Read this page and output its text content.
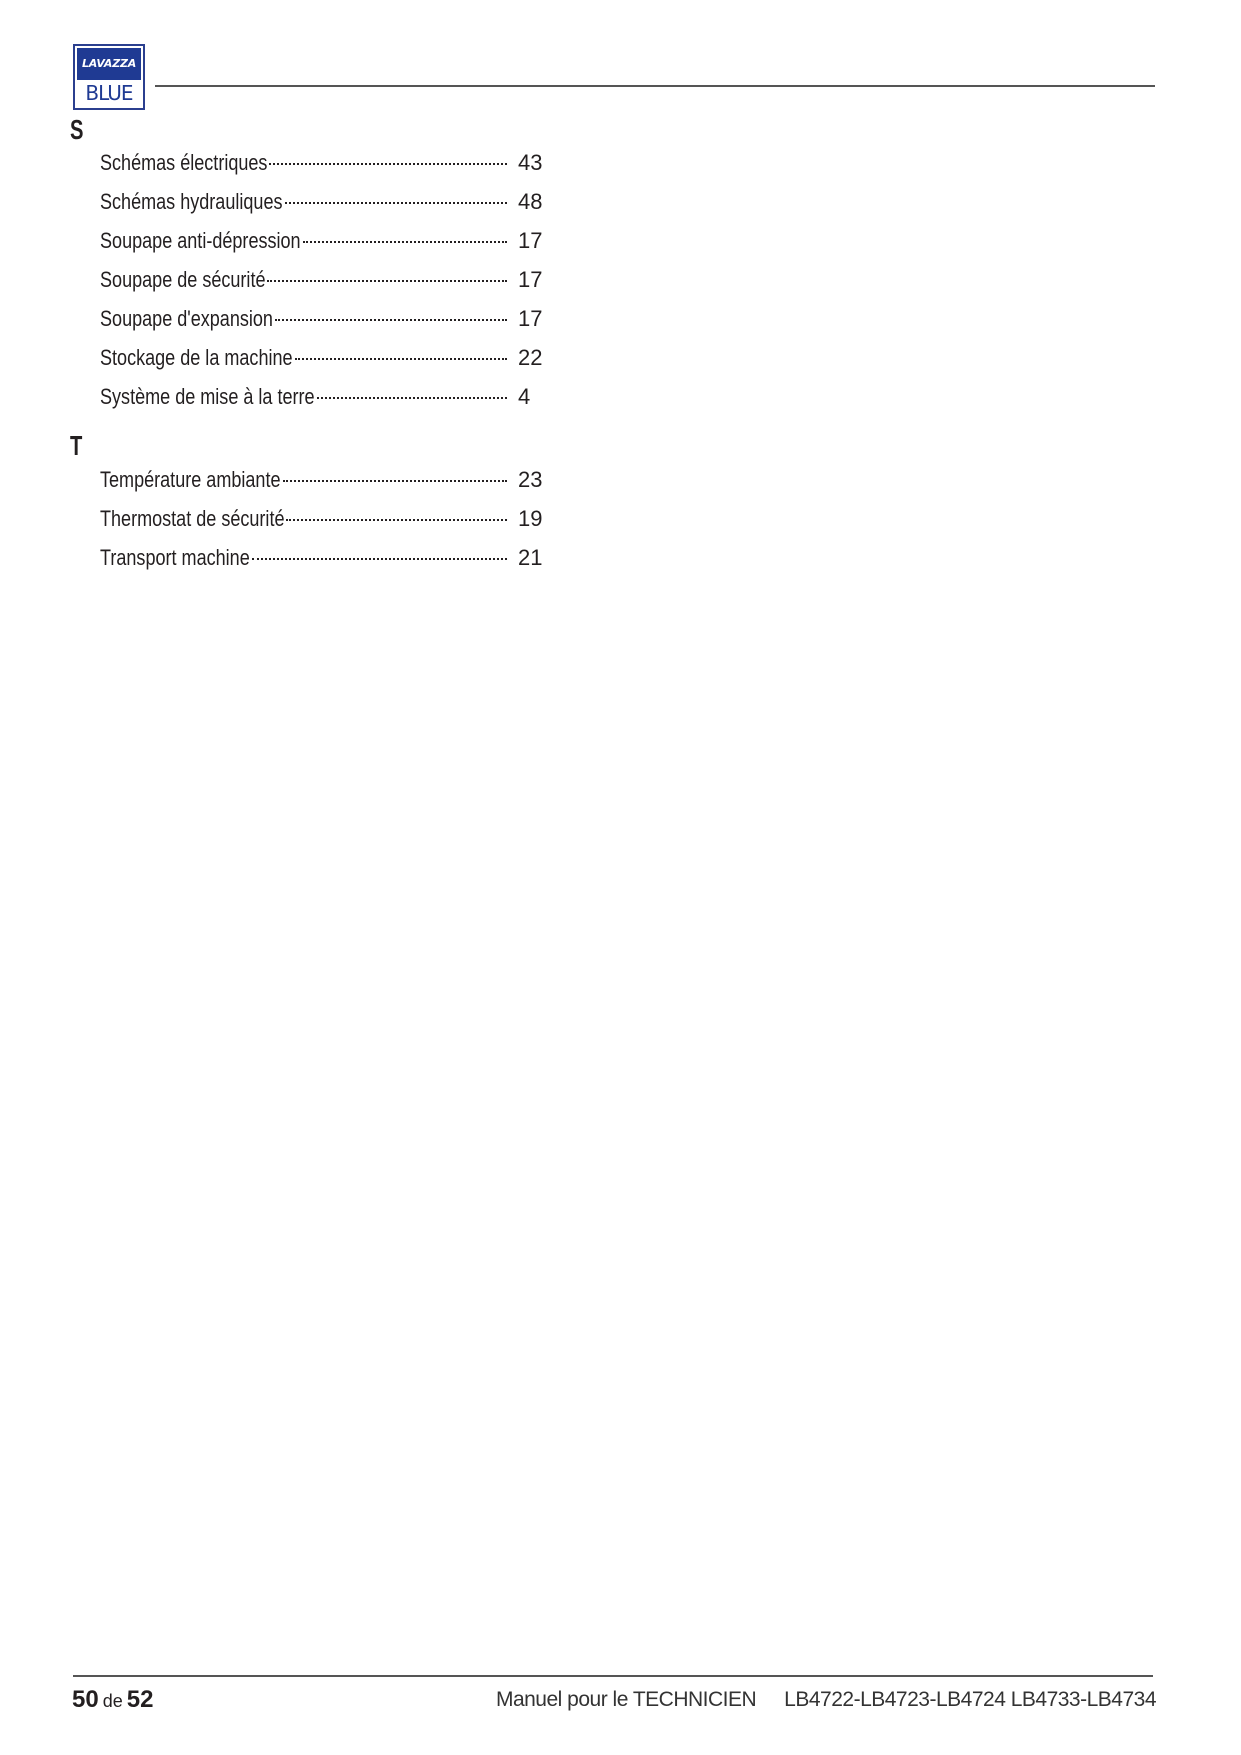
LAVAZZA
BLUE
S
Schémas électriques	43
Schémas hydrauliques	48
Soupape anti-dépression	17
Soupape de sécurité	17
Soupape d'expansion	17
Stockage de la machine	22
Système de mise à la terre	4
T
Température ambiante	23
Thermostat de sécurité	19
Transport machine	21
50 de 52	Manuel pour le TECHNICIEN LB4722-LB4723-LB4724 LB4733-LB4734
